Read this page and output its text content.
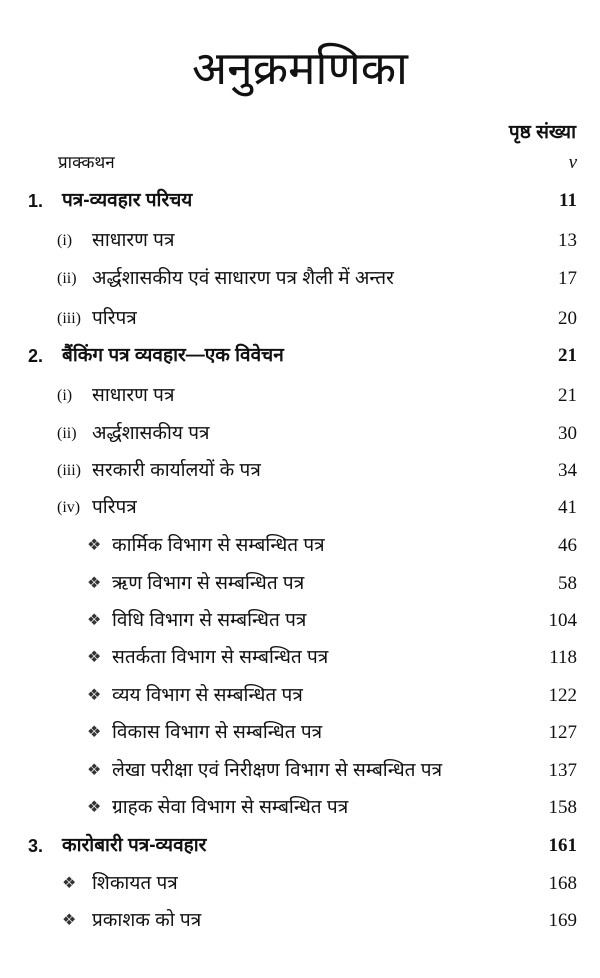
अनुक्रमणिका
पृष्ठ संख्या
प्राक्कथन	v
1. पत्र-व्यवहार परिचय	11
(i) साधारण पत्र	13
(ii) अर्द्धशासकीय एवं साधारण पत्र शैली में अन्तर	17
(iii) परिपत्र	20
2. बैंकिंग पत्र व्यवहार—एक विवेचन	21
(i) साधारण पत्र	21
(ii) अर्द्धशासकीय पत्र	30
(iii) सरकारी कार्यालयों के पत्र	34
(iv) परिपत्र	41
❖ कार्मिक विभाग से सम्बन्धित पत्र	46
❖ ऋण विभाग से सम्बन्धित पत्र	58
❖ विधि विभाग से सम्बन्धित पत्र	104
❖ सतर्कता विभाग से सम्बन्धित पत्र	118
❖ व्यय विभाग से सम्बन्धित पत्र	122
❖ विकास विभाग से सम्बन्धित पत्र	127
❖ लेखा परीक्षा एवं निरीक्षण विभाग से सम्बन्धित पत्र	137
❖ ग्राहक सेवा विभाग से सम्बन्धित पत्र	158
3. कारोबारी पत्र-व्यवहार	161
❖ शिकायत पत्र	168
❖ प्रकाशक को पत्र	169
